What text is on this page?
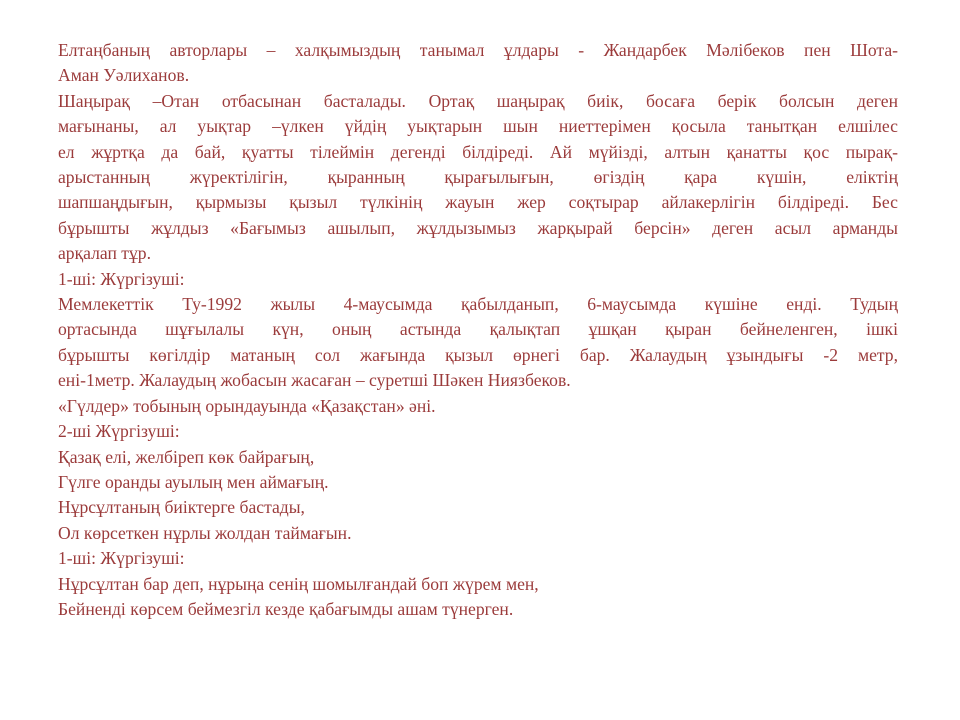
Елтаңбаның авторлары – халқымыздың танымал ұлдары - Жандарбек Мәлібеков пен Шота-
Аман Уәлиханов.
Шаңырақ –Отан отбасынан басталады. Ортақ шаңырақ биік, босаға берік болсын деген
мағынаны, ал уықтар –үлкен үйдің уықтарын шын ниеттерімен қосыла танытқан елшілес
ел жұртқа да бай, қуатты тілеймін дегенді білдіреді. Ай мүйізді, алтын қанатты қос пырақ-
арыстанның жүректілігін, қыранның қырағылығын, өгіздің қара күшін, еліктің
шапшаңдығын, қырмызы қызыл түлкінің жауын жер соқтырар айлакерлігін білдіреді. Бес
бұрышты жұлдыз «Бағымыз ашылып, жұлдызымыз жарқырай берсін» деген асыл арманды
арқалап тұр.
1-ші: Жүргізуші:
Мемлекеттік Ту-1992 жылы 4-маусымда қабылданып, 6-маусымда күшіне енді. Тудың
ортасында шұғылалы күн, оның астында қалықтап ұшқан қыран бейнеленген, ішкі
бұрышты көгілдір матаның сол жағында қызыл өрнегі бар. Жалаудың ұзындығы -2 метр,
ені-1метр. Жалаудың жобасын жасаған – суретші Шәкен Ниязбеков.
«Гүлдер» тобының орындауында «Қазақстан» әні.
2-ші Жүргізуші:
Қазақ елі, желбіреп көк байрағың,
Гүлге оранды ауылың мен аймағың.
Нұрсұлтаның биіктерге бастады,
Ол көрсеткен нұрлы жолдан таймағын.
1-ші: Жүргізуші:
Нұрсұлтан бар деп, нұрыңа сенің шомылғандай боп жүрем мен,
Бейненді көрсем беймезгіл кезде қабағымды ашам түнерген.
